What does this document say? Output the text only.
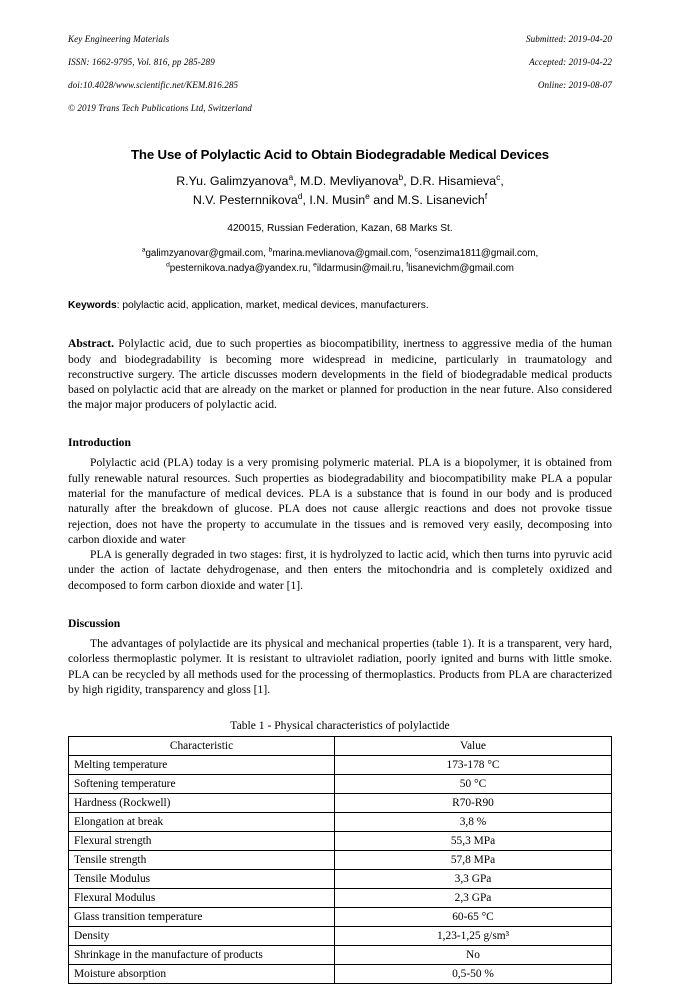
Key Engineering Materials

ISSN: 1662-9795, Vol. 816, pp 285-289

doi:10.4028/www.scientific.net/KEM.816.285

© 2019 Trans Tech Publications Ltd, Switzerland

Submitted: 2019-04-20

Accepted: 2019-04-22

Online: 2019-08-07

The Use of Polylactic Acid to Obtain Biodegradable Medical Devices
R.Yu. Galimzyanova$^a$, M.D. Mevliyanova$^b$, D.R. Hisamieva$^c$,
N.V. Pesternnikova$^d$, I.N. Musin$^e$ and M.S. Lisanevich$^f$
420015, Russian Federation, Kazan, 68 Marks St.
$^a$galimzyanovar@gmail.com, $^b$marina.mevlianova@gmail.com, $^c$osenzima1811@gmail.com,
$^d$pesternikova.nadya@yandex.ru, $^e$ildarmusin@mail.ru, $^f$lisanevichm@gmail.com
Keywords: polylactic acid, application, market, medical devices, manufacturers.
Abstract. Polylactic acid, due to such properties as biocompatibility, inertness to aggressive media of the human body and biodegradability is becoming more widespread in medicine, particularly in traumatology and reconstructive surgery. The article discusses modern developments in the field of biodegradable medical products based on polylactic acid that are already on the market or planned for production in the near future. Also considered the major major producers of polylactic acid.
Introduction
Polylactic acid (PLA) today is a very promising polymeric material. PLA is a biopolymer, it is obtained from fully renewable natural resources. Such properties as biodegradability and biocompatibility make PLA a popular material for the manufacture of medical devices. PLA is a substance that is found in our body and is produced naturally after the breakdown of glucose. PLA does not cause allergic reactions and does not provoke tissue rejection, does not have the property to accumulate in the tissues and is removed very easily, decomposing into carbon dioxide and water
PLA is generally degraded in two stages: first, it is hydrolyzed to lactic acid, which then turns into pyruvic acid under the action of lactate dehydrogenase, and then enters the mitochondria and is completely oxidized and decomposed to form carbon dioxide and water [1].
Discussion
The advantages of polylactide are its physical and mechanical properties (table 1). It is a transparent, very hard, colorless thermoplastic polymer. It is resistant to ultraviolet radiation, poorly ignited and burns with little smoke. PLA can be recycled by all methods used for the processing of thermoplastics. Products from PLA are characterized by high rigidity, transparency and gloss [1].
Table 1 - Physical characteristics of polylactide
Characteristic	Value
Melting temperature	173-178 °C
Softening temperature	50 °C
Hardness (Rockwell)	R70-R90
Elongation at break	3,8 %
Flexural strength	55,3 MPa
Tensile strength	57,8 MPa
Tensile Modulus	3,3 GPa
Flexural Modulus	2,3 GPa
Glass transition temperature	60-65 °C
Density	1,23-1,25 g/sm³
Shrinkage in the manufacture of products	No
Moisture absorption	0,5-50 %
